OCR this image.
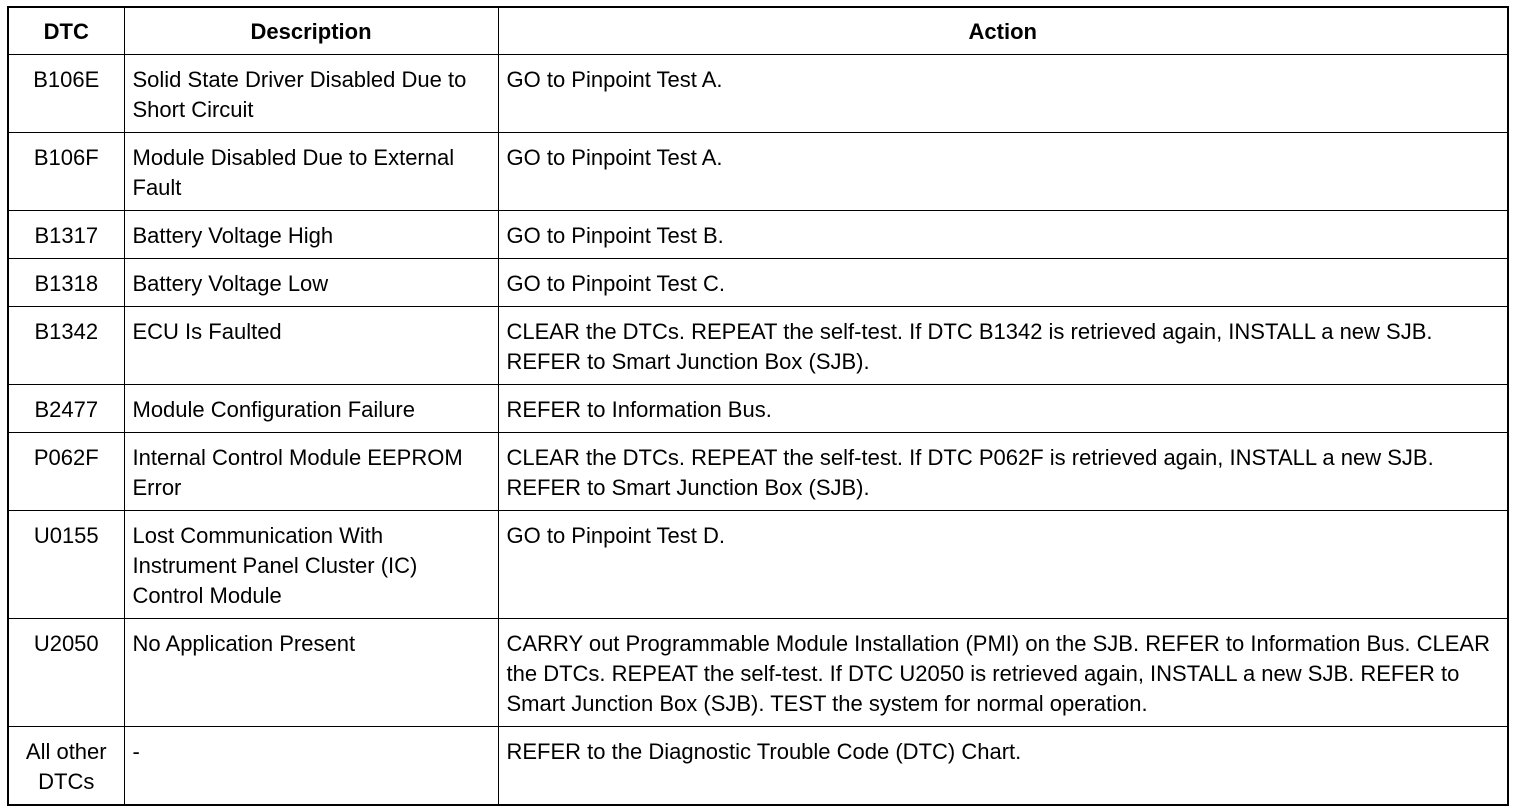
DTC	Description	Action
B106E	Solid State Driver Disabled Due to Short Circuit	GO to Pinpoint Test A.
B106F	Module Disabled Due to External Fault	GO to Pinpoint Test A.
B1317	Battery Voltage High	GO to Pinpoint Test B.
B1318	Battery Voltage Low	GO to Pinpoint Test C.
B1342	ECU Is Faulted	CLEAR the DTCs. REPEAT the self-test. If DTC B1342 is retrieved again, INSTALL a new SJB. REFER to Smart Junction Box (SJB).
B2477	Module Configuration Failure	REFER to Information Bus.
P062F	Internal Control Module EEPROM Error	CLEAR the DTCs. REPEAT the self-test. If DTC P062F is retrieved again, INSTALL a new SJB. REFER to Smart Junction Box (SJB).
U0155	Lost Communication With Instrument Panel Cluster (IC) Control Module	GO to Pinpoint Test D.
U2050	No Application Present	CARRY out Programmable Module Installation (PMI) on the SJB. REFER to Information Bus. CLEAR the DTCs. REPEAT the self-test. If DTC U2050 is retrieved again, INSTALL a new SJB. REFER to Smart Junction Box (SJB). TEST the system for normal operation.
All other DTCs	-	REFER to the Diagnostic Trouble Code (DTC) Chart.
